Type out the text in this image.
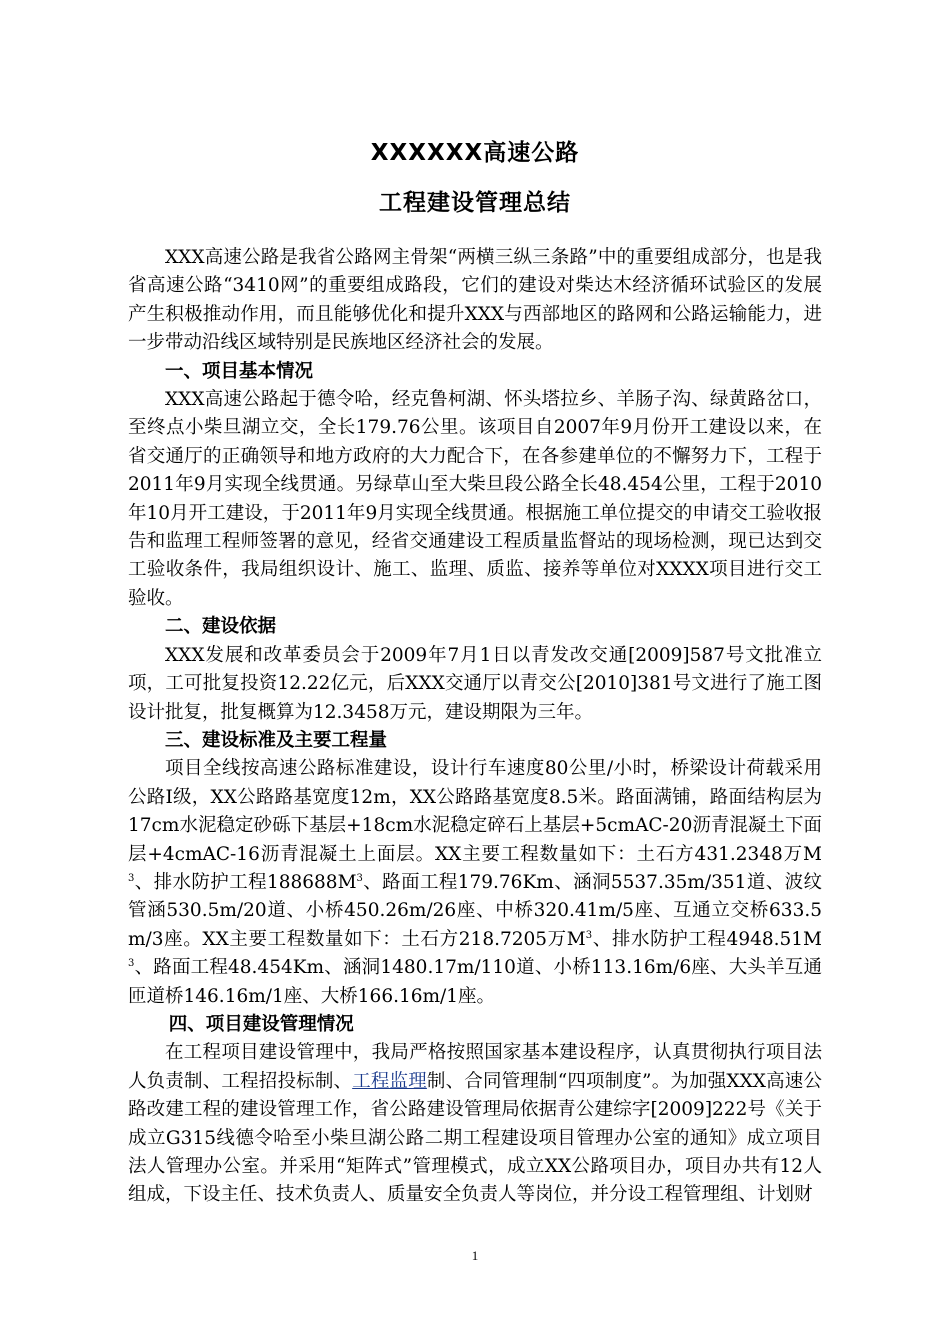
XXXXXX高速公路
工程建设管理总结

XXX高速公路是我省公路网主骨架“两横三纵三条路”中的重要组成部分，也是我省高速公路“3410网”的重要组成路段，它们的建设对柴达木经济循环试验区的发展产生积极推动作用，而且能够优化和提升XXX与西部地区的路网和公路运输能力，进一步带动沿线区域特别是民族地区经济社会的发展。

一、项目基本情况

XXX高速公路起于德令哈，经克鲁柯湖、怀头塔拉乡、羊肠子沟、绿黄路岔口，至终点小柴旦湖立交，全长179.76公里。该项目自2007年9月份开工建设以来，在省交通厅的正确领导和地方政府的大力配合下，在各参建单位的不懈努力下，工程于2011年9月实现全线贯通。另绿草山至大柴旦段公路全长48.454公里，工程于2010年10月开工建设，于2011年9月实现全线贯通。根据施工单位提交的申请交工验收报告和监理工程师签署的意见，经省交通建设工程质量监督站的现场检测，现已达到交工验收条件，我局组织设计、施工、监理、质监、接养等单位对XXXX项目进行交工验收。

二、建设依据

XXX发展和改革委员会于2009年7月1日以青发改交通[2009]587号文批准立项，工可批复投资12.22亿元，后XXX交通厅以青交公[2010]381号文进行了施工图设计批复，批复概算为12.3458万元，建设期限为三年。

三、建设标准及主要工程量

项目全线按高速公路标准建设，设计行车速度80公里/小时，桥梁设计荷载采用公路Ⅰ级，XX公路路基宽度12m，XX公路路基宽度8.5米。路面满铺，路面结构层为17cm水泥稳定砂砾下基层+18cm水泥稳定碎石上基层+5cmAC-20沥青混凝土下面层+4cmAC-16沥青混凝土上面层。XX主要工程数量如下：土石方431.2348万$M^3$、排水防护工程$188688M^3$、路面工程179.76Km、涵洞5537.35m/351道、波纹管涵530.5m/20道、小桥450.26m/26座、中桥320.41m/5座、互通立交桥633.5m/3座。XX主要工程数量如下：土石方218.7205万$M^3$、排水防护工程$4948.51M^3$、路面工程48.454Km、涵洞1480.17m/110道、小桥113.16m/6座、大头羊互通匝道桥146.16m/1座、大桥166.16m/1座。

四、项目建设管理情况

在工程项目建设管理中，我局严格按照国家基本建设程序，认真贯彻执行项目法人负责制、工程招投标制、工程监理制、合同管理制“四项制度”。为加强XXX高速公路改建工程的建设管理工作，省公路建设管理局依据青公建综字[2009]222号《关于成立G315线德令哈至小柴旦湖公路二期工程建设项目管理办公室的通知》成立项目法人管理办公室。并采用“矩阵式”管理模式，成立XX公路项目办，项目办共有12人组成，下设主任、技术负责人、质量安全负责人等岗位，并分设工程管理组、计划财

1
